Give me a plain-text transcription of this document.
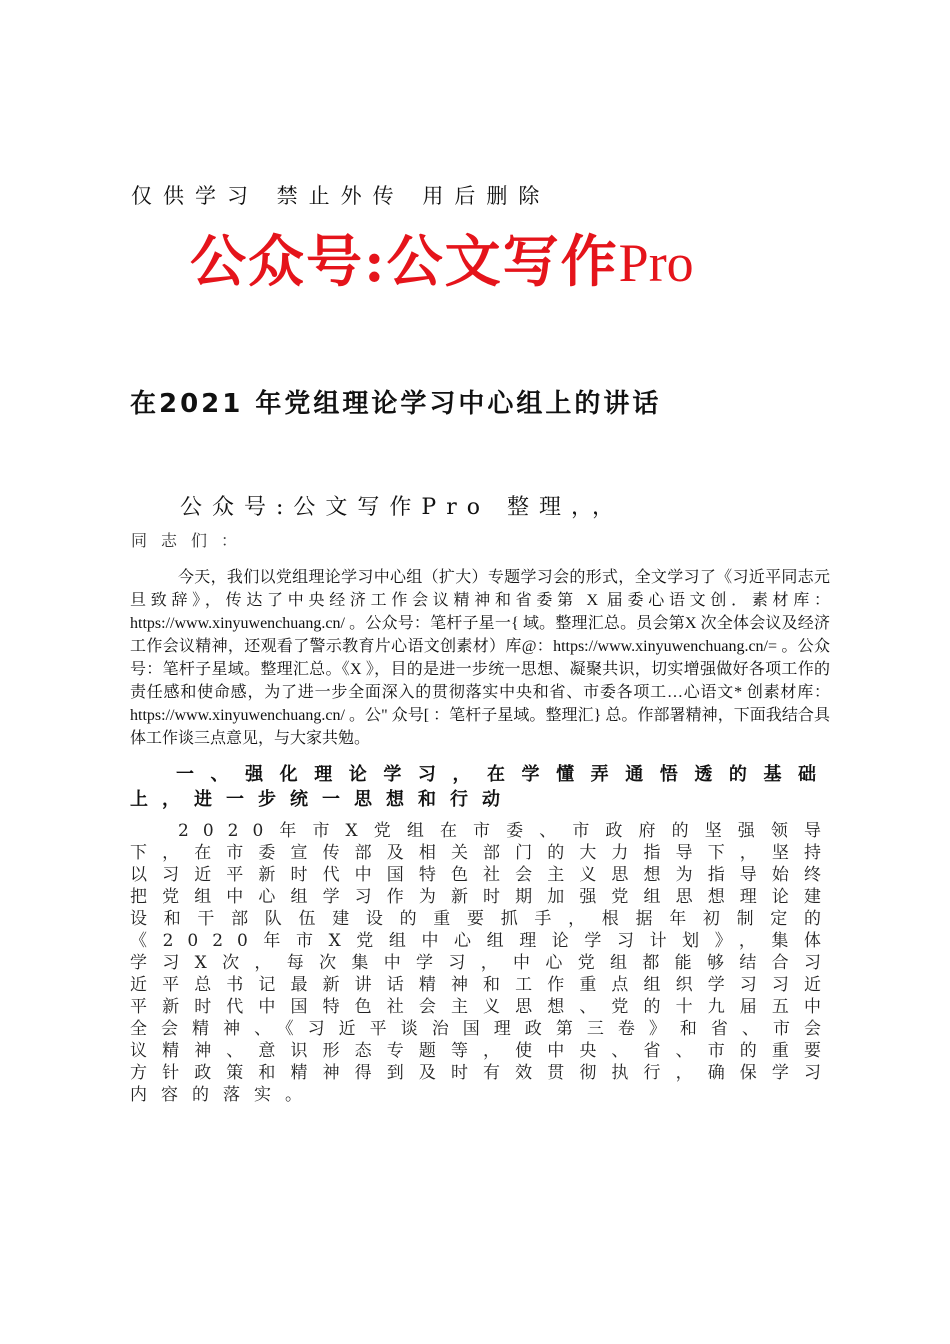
仅供学习 禁止外传 用后删除
公众号:公文写作Pro
在2021 年党组理论学习中心组上的讲话
公众号:公文写作Pro 整理，，
同志们：
今天，我们以党组理论学习中心组（扩大）专题学习会的形式，全文学习了《习近平同志元旦致辞》，传达了中央经济工作会议精神和省委第 X 届委心语文创．素材库：https://www.xinyuwenchuang.cn/ 。公众号：笔杆子星一{ 域。整理汇总。员会第X 次全体会议及经济工作会议精神，还观看了警示教育片心语文创素材）库@：https://www.xinyuwenchuang.cn/= 。公众号：笔杆子星域。整理汇总。《X 》，目的是进一步统一思想、凝聚共识，切实增强做好各项工作的责任感和使命感，为了进一步全面深入的贯彻落实中央和省、市委各项工…心语文* 创素材库：https://www.xinyuwenchuang.cn/ 。公" 众号[ ：笔杆子星域。整理汇} 总。作部署精神，下面我结合具体工作谈三点意见，与大家共勉。
一、强化理论学习，在学懂弄通悟透的基础上，进一步统一思想和行动
2020年市X党组在市委、市政府的坚强领导下，在市委宣传部及相关部门的大力指导下，坚持以习近平新时代中国特色社会主义思想为指导始终把党组中心组学习作为新时期加强党组思想理论建设和干部队伍建设的重要抓手，根据年初制定的《2020年市X党组中心组理论学习计划》，集体学习X次，每次集中学习，中心党组都能够结合习近平总书记最新讲话精神和工作重点组织学习习近平新时代中国特色社会主义思想、党的十九届五中全会精神、《习近平谈治国理政第三卷》和省、市会议精神、意识形态专题等，使中央、省、市的重要方针政策和精神得到及时有效贯彻执行，确保学习内容的落实。
